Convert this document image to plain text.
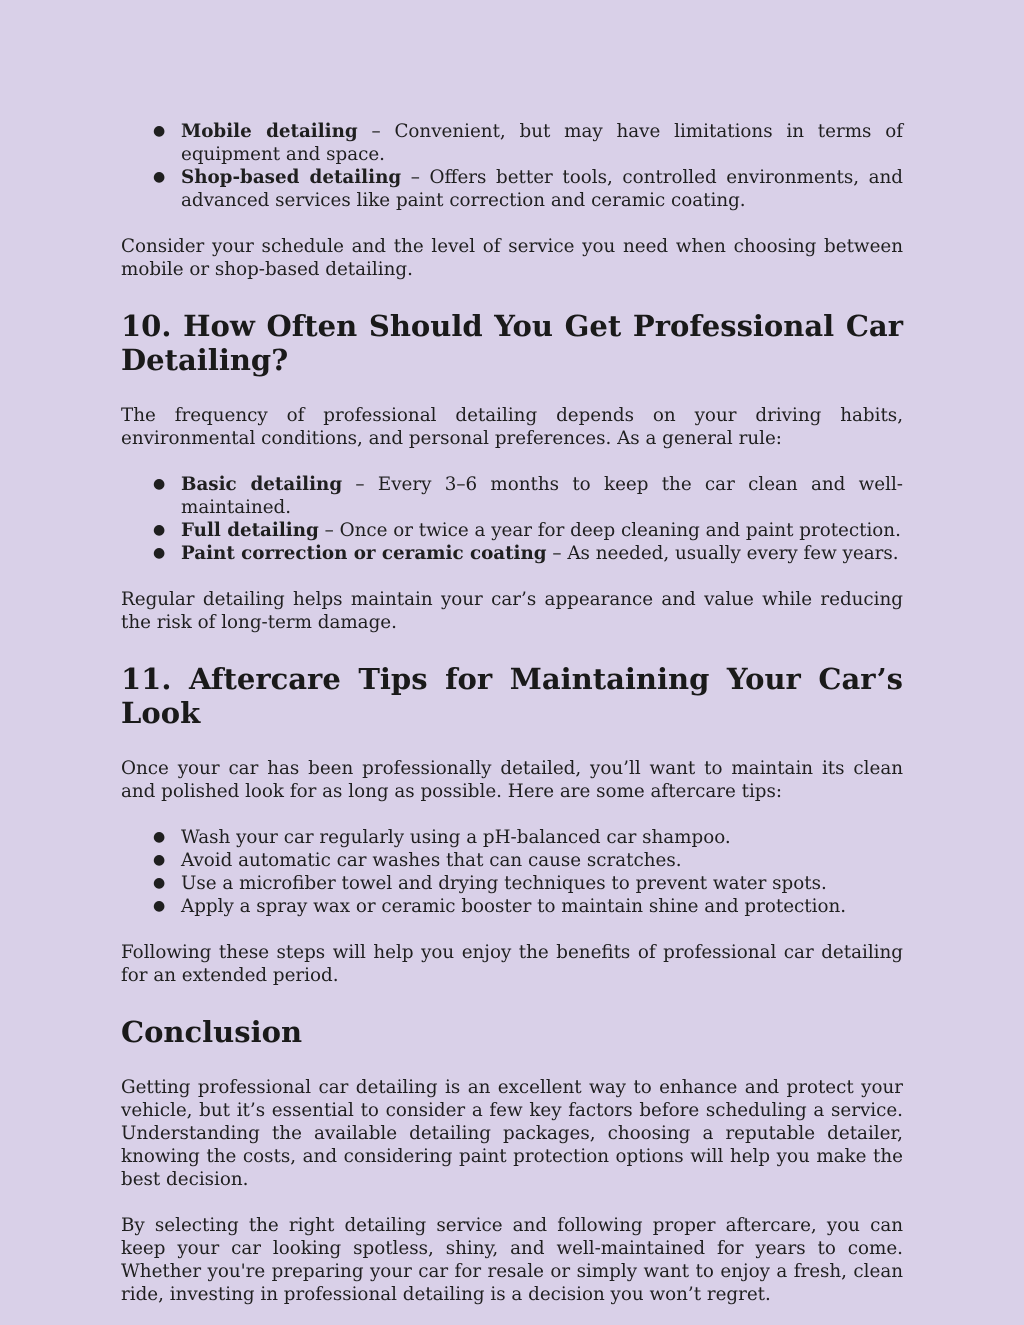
● Mobile detailing – Convenient, but may have limitations in terms of equipment and space.
● Shop-based detailing – Offers better tools, controlled environments, and advanced services like paint correction and ceramic coating.

Consider your schedule and the level of service you need when choosing between mobile or shop-based detailing.

10. How Often Should You Get Professional Car Detailing?

The frequency of professional detailing depends on your driving habits, environmental conditions, and personal preferences. As a general rule:

● Basic detailing – Every 3–6 months to keep the car clean and well-maintained.
● Full detailing – Once or twice a year for deep cleaning and paint protection.
● Paint correction or ceramic coating – As needed, usually every few years.

Regular detailing helps maintain your car’s appearance and value while reducing the risk of long-term damage.

11. Aftercare Tips for Maintaining Your Car’s Look

Once your car has been professionally detailed, you’ll want to maintain its clean and polished look for as long as possible. Here are some aftercare tips:

● Wash your car regularly using a pH-balanced car shampoo.
● Avoid automatic car washes that can cause scratches.
● Use a microfiber towel and drying techniques to prevent water spots.
● Apply a spray wax or ceramic booster to maintain shine and protection.

Following these steps will help you enjoy the benefits of professional car detailing for an extended period.

Conclusion

Getting professional car detailing is an excellent way to enhance and protect your vehicle, but it’s essential to consider a few key factors before scheduling a service. Understanding the available detailing packages, choosing a reputable detailer, knowing the costs, and considering paint protection options will help you make the best decision.

By selecting the right detailing service and following proper aftercare, you can keep your car looking spotless, shiny, and well-maintained for years to come. Whether you're preparing your car for resale or simply want to enjoy a fresh, clean ride, investing in professional detailing is a decision you won’t regret.
